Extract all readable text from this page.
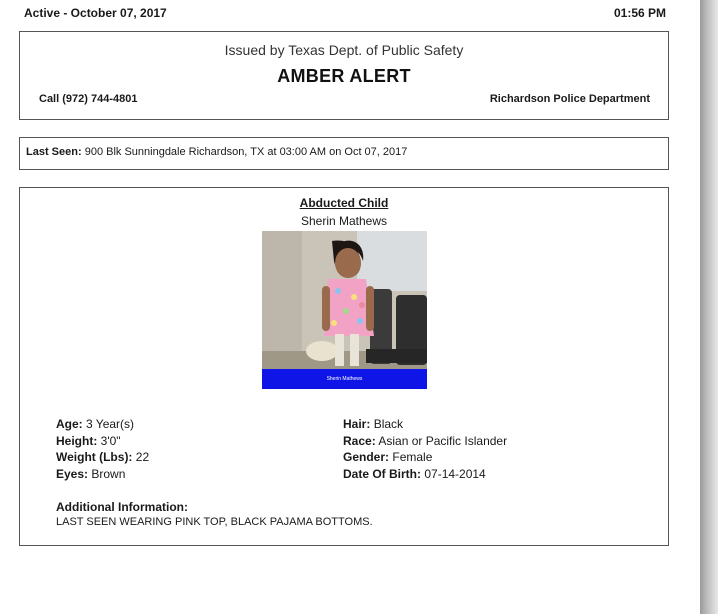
Active - October 07, 2017	01:56 PM
Issued by Texas Dept. of Public Safety
AMBER ALERT
Call (972) 744-4801	Richardson Police Department
Last Seen: 900 Blk Sunningdale Richardson, TX at 03:00 AM on Oct 07, 2017
Abducted Child
Sherin Mathews
Sherin Mathews
Age: 3 Year(s)
Height: 3'0"
Weight (Lbs): 22
Eyes: Brown
Hair: Black
Race: Asian or Pacific Islander
Gender: Female
Date Of Birth: 07-14-2014
Additional Information:
LAST SEEN WEARING PINK TOP, BLACK PAJAMA BOTTOMS.
